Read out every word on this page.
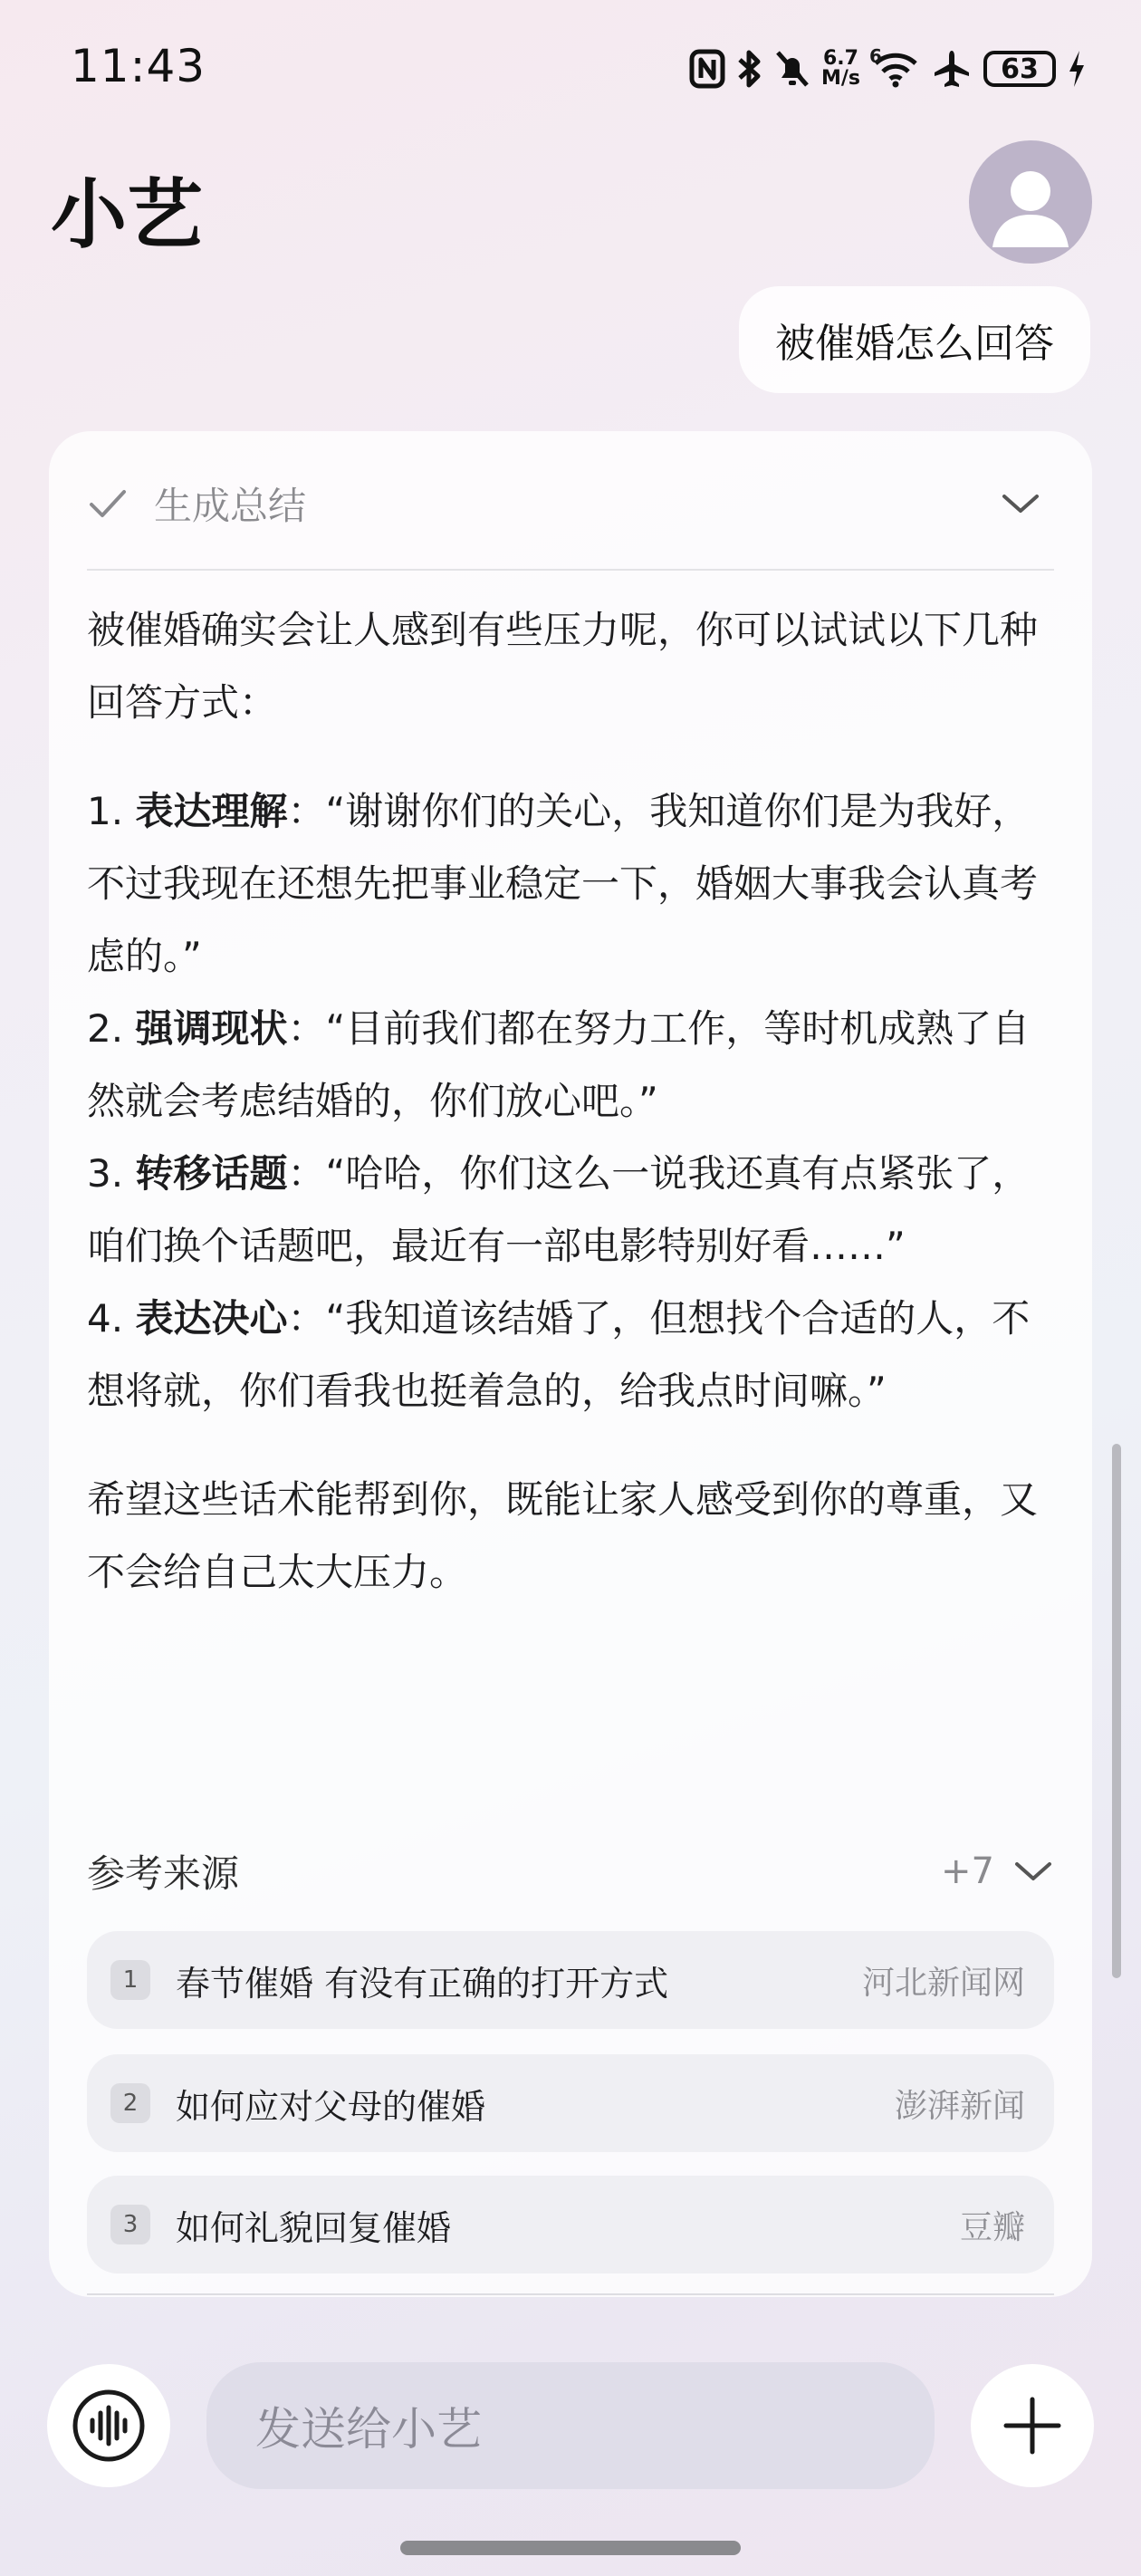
11:43	6.7
M/s
6	63
小艺
被催婚怎么回答
生成总结

被催婚确实会让人感到有些压力呢，你可以试试以下几种回答方式：

1. 表达理解：“谢谢你们的关心，我知道你们是为我好，不过我现在还想先把事业稳定一下，婚姻大事我会认真考虑的。”

2. 强调现状：“目前我们都在努力工作，等时机成熟了自然就会考虑结婚的，你们放心吧。”

3. 转移话题：“哈哈，你们这么一说我还真有点紧张了，咱们换个话题吧，最近有一部电影特别好看……”

4. 表达决心：“我知道该结婚了，但想找个合适的人，不想将就，你们看我也挺着急的，给我点时间嘛。”

希望这些话术能帮到你，既能让家人感受到你的尊重，又不会给自己太大压力。

参考来源	+7
1	春节催婚 有没有正确的打开方式	河北新闻网
2	如何应对父母的催婚	澎湃新闻
3	如何礼貌回复催婚	豆瓣
发送给小艺
